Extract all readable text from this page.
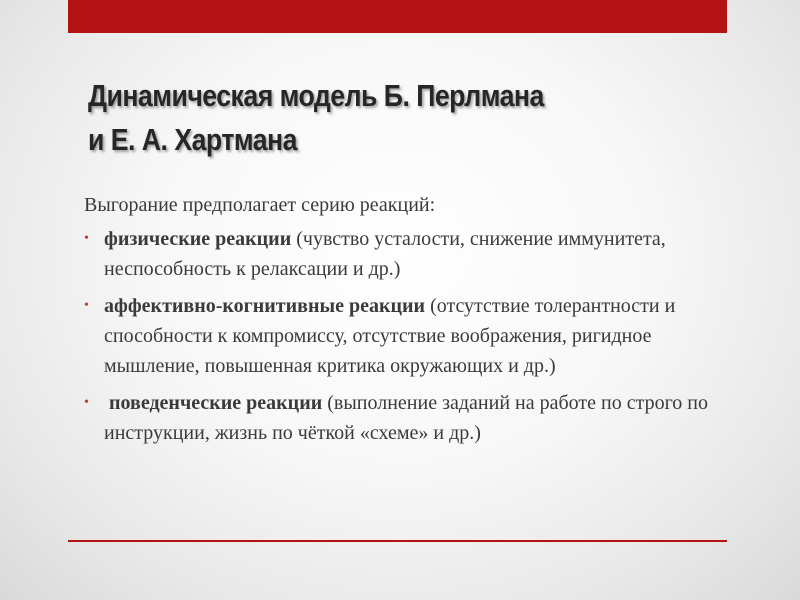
Динамическая модель Б. Перлмана
и Е. А. Хартмана

Выгорание предполагает серию реакций:

• физические реакции (чувство усталости, снижение иммунитета, неспособность к релаксации и др.)
• аффективно-когнитивные реакции (отсутствие толерантности и способности к компромиссу, отсутствие воображения, ригидное мышление, повышенная критика окружающих и др.)
• поведенческие реакции (выполнение заданий на работе по строго по инструкции, жизнь по чёткой «схеме» и др.)
